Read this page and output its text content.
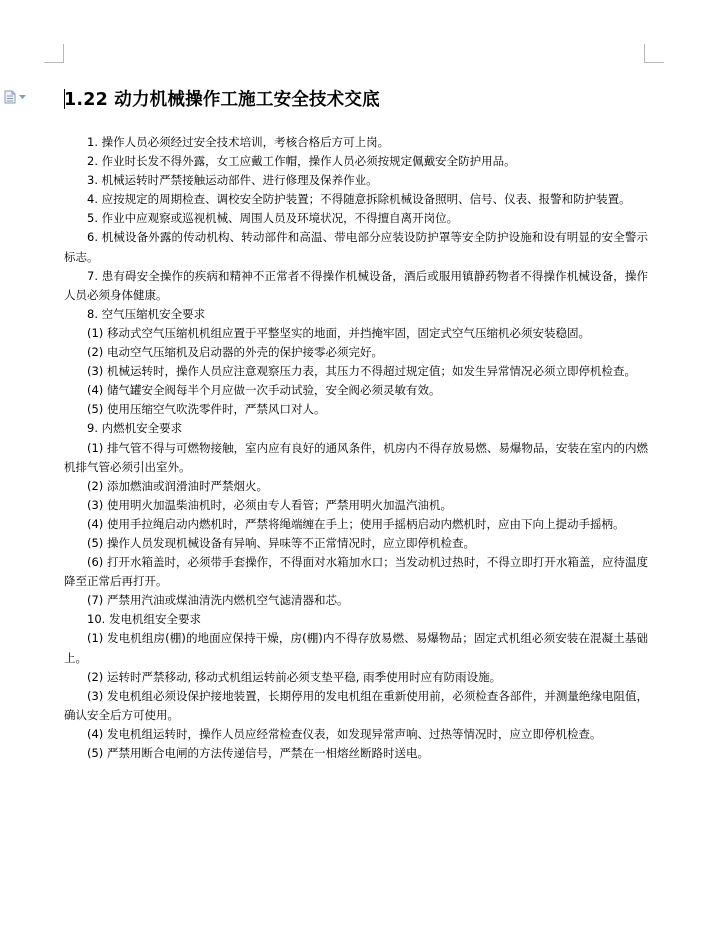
1.22 动力机械操作工施工安全技术交底

1. 操作人员必须经过安全技术培训，考核合格后方可上岗。

2. 作业时长发不得外露，女工应戴工作帽，操作人员必须按规定佩戴安全防护用品。

3. 机械运转时严禁接触运动部件、进行修理及保养作业。

4. 应按规定的周期检查、调校安全防护装置；不得随意拆除机械设备照明、信号、仪表、报警和防护装置。

5. 作业中应观察或巡视机械、周围人员及环境状况，不得擅自离开岗位。

6. 机械设备外露的传动机构、转动部件和高温、带电部分应装设防护罩等安全防护设施和设有明显的安全警示标志。

7. 患有碍安全操作的疾病和精神不正常者不得操作机械设备，酒后或服用镇静药物者不得操作机械设备，操作人员必须身体健康。

8. 空气压缩机安全要求

(1) 移动式空气压缩机机组应置于平整坚实的地面，并挡掩牢固，固定式空气压缩机必须安装稳固。

(2) 电动空气压缩机及启动器的外壳的保护接零必须完好。

(3) 机械运转时，操作人员应注意观察压力表，其压力不得超过规定值；如发生异常情况必须立即停机检查。

(4) 储气罐安全阀每半个月应做一次手动试验，安全阀必须灵敏有效。

(5) 使用压缩空气吹洗零件时，严禁风口对人。

9. 内燃机安全要求

(1) 排气管不得与可燃物接触，室内应有良好的通风条件，机房内不得存放易燃、易爆物品，安装在室内的内燃机排气管必须引出室外。

(2) 添加燃油或润滑油时严禁烟火。

(3) 使用明火加温柴油机时，必须由专人看管；严禁用明火加温汽油机。

(4) 使用手拉绳启动内燃机时，严禁将绳端缠在手上；使用手摇柄启动内燃机时，应由下向上提动手摇柄。

(5) 操作人员发现机械设备有异响、异味等不正常情况时，应立即停机检查。

(6) 打开水箱盖时，必须带手套操作，不得面对水箱加水口；当发动机过热时，不得立即打开水箱盖，应待温度降至正常后再打开。

(7) 严禁用汽油或煤油清洗内燃机空气滤清器和芯。

10. 发电机组安全要求

(1) 发电机组房(棚)的地面应保持干燥，房(棚)内不得存放易燃、易爆物品；固定式机组必须安装在混凝土基础上。

(2) 运转时严禁移动, 移动式机组运转前必须支垫平稳, 雨季使用时应有防雨设施。

(3) 发电机组必须设保护接地装置，长期停用的发电机组在重新使用前，必须检查各部件，并测量绝缘电阻值，确认安全后方可使用。

(4) 发电机组运转时，操作人员应经常检查仪表，如发现异常声响、过热等情况时，应立即停机检查。

(5) 严禁用断合电闸的方法传递信号，严禁在一相熔丝断路时送电。
